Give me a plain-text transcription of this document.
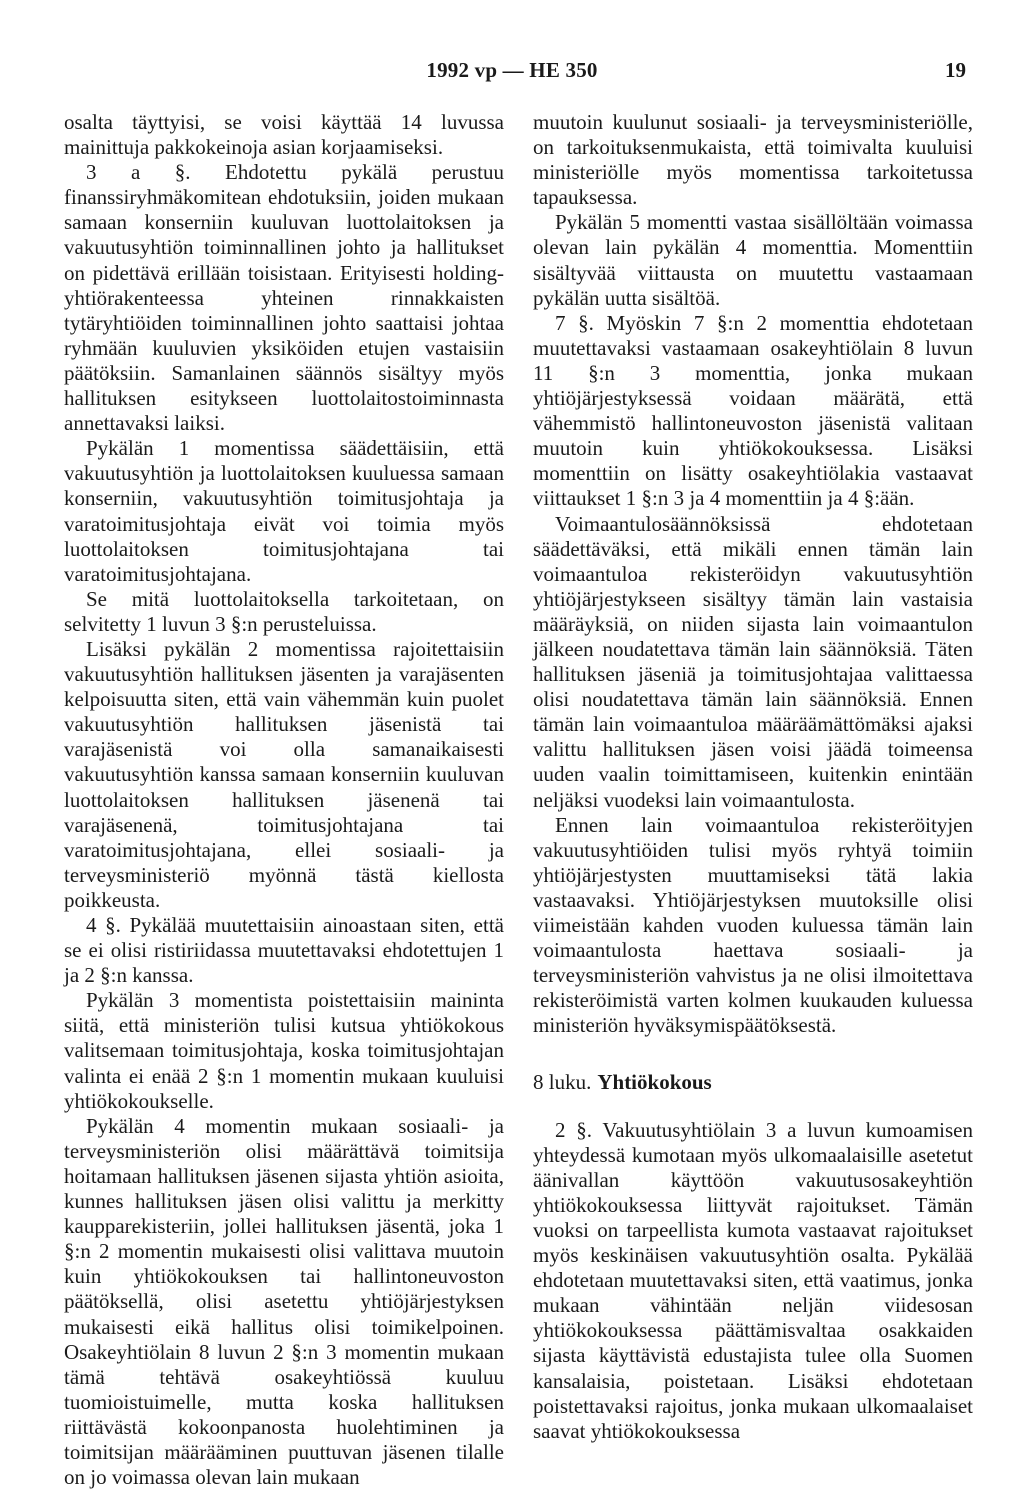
1992 vp — HE 350	19

osalta täyttyisi, se voisi käyttää 14 luvussa mainittuja pakkokeinoja asian korjaamiseksi.

3 a §. Ehdotettu pykälä perustuu finanssiryhmäkomitean ehdotuksiin, joiden mukaan samaan konserniin kuuluvan luottolaitoksen ja vakuutusyhtiön toiminnallinen johto ja hallitukset on pidettävä erillään toisistaan. Erityisesti holding-yhtiörakenteessa yhteinen rinnakkaisten tytäryhtiöiden toiminnallinen johto saattaisi johtaa ryhmään kuuluvien yksiköiden etujen vastaisiin päätöksiin. Samanlainen säännös sisältyy myös hallituksen esitykseen luottolaitostoiminnasta annettavaksi laiksi.

Pykälän 1 momentissa säädettäisiin, että vakuutusyhtiön ja luottolaitoksen kuuluessa samaan konserniin, vakuutusyhtiön toimitusjohtaja ja varatoimitusjohtaja eivät voi toimia myös luottolaitoksen toimitusjohtajana tai varatoimitusjohtajana.

Se mitä luottolaitoksella tarkoitetaan, on selvitetty 1 luvun 3 §:n perusteluissa.

Lisäksi pykälän 2 momentissa rajoitettaisiin vakuutusyhtiön hallituksen jäsenten ja varajäsenten kelpoisuutta siten, että vain vähemmän kuin puolet vakuutusyhtiön hallituksen jäsenistä tai varajäsenistä voi olla samanaikaisesti vakuutusyhtiön kanssa samaan konserniin kuuluvan luottolaitoksen hallituksen jäsenenä tai varajäsenenä, toimitusjohtajana tai varatoimitusjohtajana, ellei sosiaali- ja terveysministeriö myönnä tästä kiellosta poikkeusta.

4 §. Pykälää muutettaisiin ainoastaan siten, että se ei olisi ristiriidassa muutettavaksi ehdotettujen 1 ja 2 §:n kanssa.

Pykälän 3 momentista poistettaisiin maininta siitä, että ministeriön tulisi kutsua yhtiökokous valitsemaan toimitusjohtaja, koska toimitusjohtajan valinta ei enää 2 §:n 1 momentin mukaan kuuluisi yhtiökokoukselle.

Pykälän 4 momentin mukaan sosiaali- ja terveysministeriön olisi määrättävä toimitsija hoitamaan hallituksen jäsenen sijasta yhtiön asioita, kunnes hallituksen jäsen olisi valittu ja merkitty kaupparekisteriin, jollei hallituksen jäsentä, joka 1 §:n 2 momentin mukaisesti olisi valittava muutoin kuin yhtiökokouksen tai hallintoneuvoston päätöksellä, olisi asetettu yhtiöjärjestyksen mukaisesti eikä hallitus olisi toimikelpoinen. Osakeyhtiölain 8 luvun 2 §:n 3 momentin mukaan tämä tehtävä osakeyhtiössä kuuluu tuomioistuimelle, mutta koska hallituksen riittävästä kokoonpanosta huolehtiminen ja toimitsijan määrääminen puuttuvan jäsenen tilalle on jo voimassa olevan lain mukaan

muutoin kuulunut sosiaali- ja terveysministeriölle, on tarkoituksenmukaista, että toimivalta kuuluisi ministeriölle myös momentissa tarkoitetussa tapauksessa.

Pykälän 5 momentti vastaa sisällöltään voimassa olevan lain pykälän 4 momenttia. Momenttiin sisältyvää viittausta on muutettu vastaamaan pykälän uutta sisältöä.

7 §. Myöskin 7 §:n 2 momenttia ehdotetaan muutettavaksi vastaamaan osakeyhtiölain 8 luvun 11 §:n 3 momenttia, jonka mukaan yhtiöjärjestyksessä voidaan määrätä, että vähemmistö hallintoneuvoston jäsenistä valitaan muutoin kuin yhtiökokouksessa. Lisäksi momenttiin on lisätty osakeyhtiölakia vastaavat viittaukset 1 §:n 3 ja 4 momenttiin ja 4 §:ään.

Voimaantulosäännöksissä ehdotetaan säädettäväksi, että mikäli ennen tämän lain voimaantuloa rekisteröidyn vakuutusyhtiön yhtiöjärjestykseen sisältyy tämän lain vastaisia määräyksiä, on niiden sijasta lain voimaantulon jälkeen noudatettava tämän lain säännöksiä. Täten hallituksen jäseniä ja toimitusjohtajaa valittaessa olisi noudatettava tämän lain säännöksiä. Ennen tämän lain voimaantuloa määräämättömäksi ajaksi valittu hallituksen jäsen voisi jäädä toimeensa uuden vaalin toimittamiseen, kuitenkin enintään neljäksi vuodeksi lain voimaantulosta.

Ennen lain voimaantuloa rekisteröityjen vakuutusyhtiöiden tulisi myös ryhtyä toimiin yhtiöjärjestysten muuttamiseksi tätä lakia vastaavaksi. Yhtiöjärjestyksen muutoksille olisi viimeistään kahden vuoden kuluessa tämän lain voimaantulosta haettava sosiaali- ja terveysministeriön vahvistus ja ne olisi ilmoitettava rekisteröimistä varten kolmen kuukauden kuluessa ministeriön hyväksymispäätöksestä.

8 luku. Yhtiökokous

2 §. Vakuutusyhtiölain 3 a luvun kumoamisen yhteydessä kumotaan myös ulkomaalaisille asetetut äänivallan käyttöön vakuutusosakeyhtiön yhtiökokouksessa liittyvät rajoitukset. Tämän vuoksi on tarpeellista kumota vastaavat rajoitukset myös keskinäisen vakuutusyhtiön osalta. Pykälää ehdotetaan muutettavaksi siten, että vaatimus, jonka mukaan vähintään neljän viidesosan yhtiökokouksessa päättämisvaltaa osakkaiden sijasta käyttävistä edustajista tulee olla Suomen kansalaisia, poistetaan. Lisäksi ehdotetaan poistettavaksi rajoitus, jonka mukaan ulkomaalaiset saavat yhtiökokouksessa
